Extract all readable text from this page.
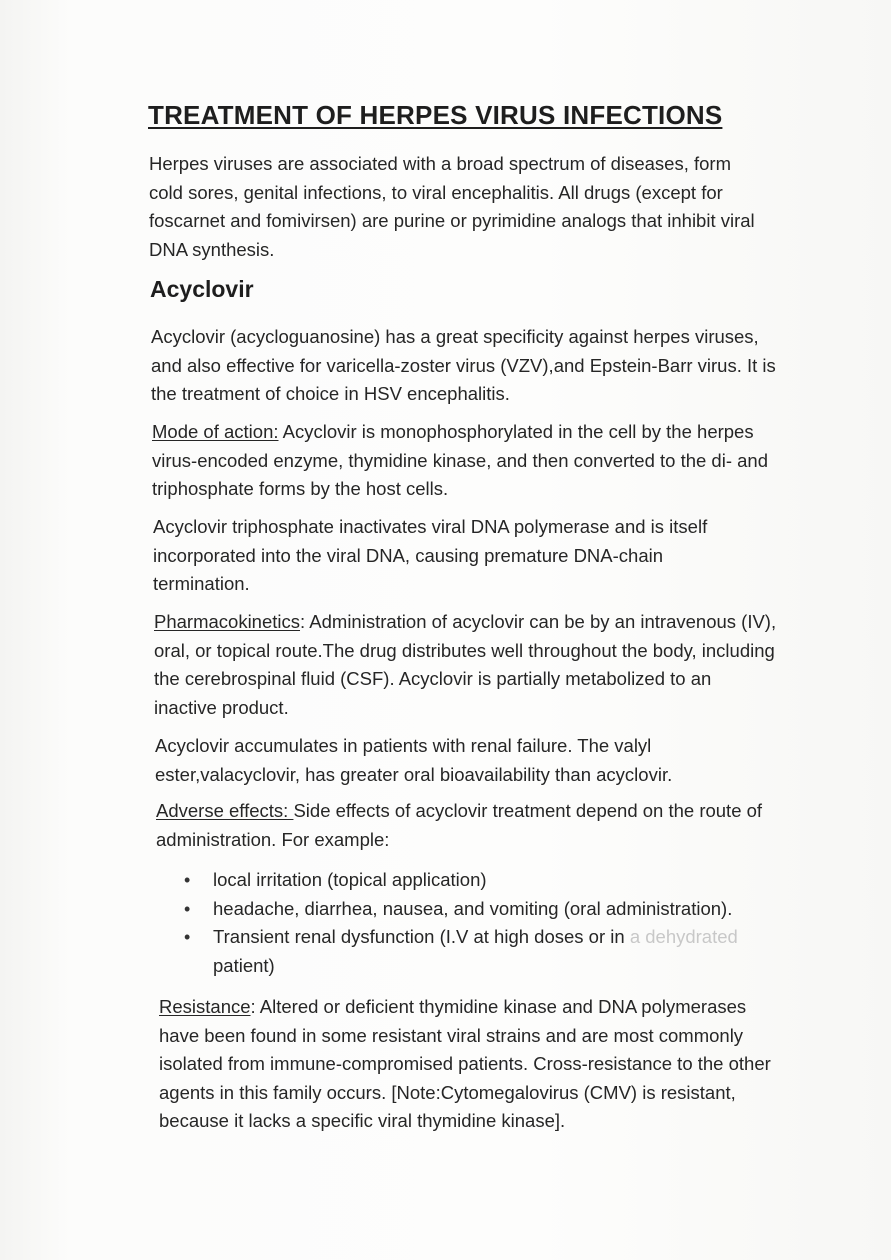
TREATMENT OF HERPES VIRUS INFECTIONS
Herpes viruses are associated with a broad spectrum of diseases, form cold sores, genital infections, to viral encephalitis. All drugs (except for foscarnet and fomivirsen) are purine or pyrimidine analogs that inhibit viral DNA synthesis.
Acyclovir
Acyclovir (acycloguanosine) has a great specificity against herpes viruses, and also effective for varicella-zoster virus (VZV),and Epstein-Barr virus. It is the treatment of choice in HSV encephalitis.
Mode of action: Acyclovir is monophosphorylated in the cell by the herpes virus-encoded enzyme, thymidine kinase, and then converted to the di- and triphosphate forms by the host cells.
Acyclovir triphosphate inactivates viral DNA polymerase and is itself incorporated into the viral DNA, causing premature DNA-chain termination.
Pharmacokinetics: Administration of acyclovir can be by an intravenous (IV), oral, or topical route.The drug distributes well throughout the body, including the cerebrospinal fluid (CSF). Acyclovir is partially metabolized to an inactive product.
Acyclovir accumulates in patients with renal failure. The valyl ester,valacyclovir, has greater oral bioavailability than acyclovir.
Adverse effects: Side effects of acyclovir treatment depend on the route of administration. For example:
• local irritation (topical application)
• headache, diarrhea, nausea, and vomiting (oral administration).
• Transient renal dysfunction (I.V at high doses or in a dehydrated patient)
Resistance: Altered or deficient thymidine kinase and DNA polymerases have been found in some resistant viral strains and are most commonly isolated from immune-compromised patients. Cross-resistance to the other agents in this family occurs. [Note:Cytomegalovirus (CMV) is resistant, because it lacks a specific viral thymidine kinase].
